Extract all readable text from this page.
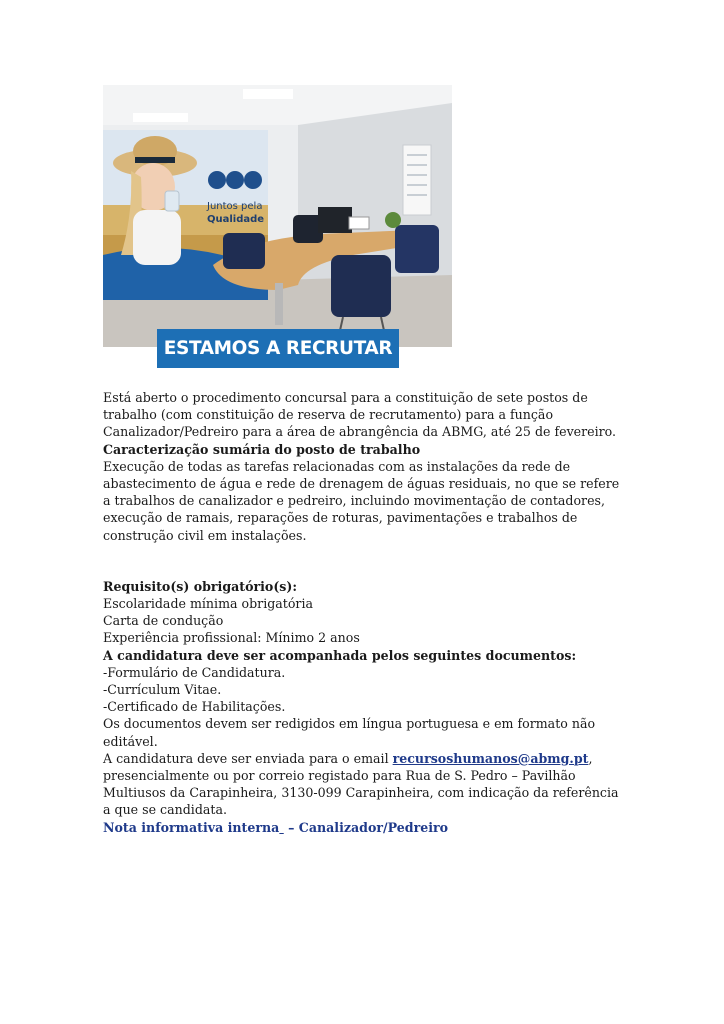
Juntos pela
Qualidade
ESTAMOS A RECRUTAR

Está aberto o procedimento concursal para a constituição de sete postos de trabalho (com constituição de reserva de recrutamento) para a função Canalizador/Pedreiro para a área de abrangência da ABMG, até 25 de fevereiro.

Caracterização sumária do posto de trabalho

Execução de todas as tarefas relacionadas com as instalações da rede de abastecimento de água e rede de drenagem de águas residuais, no que se refere a trabalhos de canalizador e pedreiro, incluindo movimentação de contadores, execução de ramais, reparações de roturas, pavimentações e trabalhos de construção civil em instalações.

Requisito(s) obrigatório(s):

Escolaridade mínima obrigatória

Carta de condução

Experiência profissional: Mínimo 2 anos

A candidatura deve ser acompanhada pelos seguintes documentos:

-Formulário de Candidatura.

-Currículum Vitae.

-Certificado de Habilitações.

Os documentos devem ser redigidos em língua portuguesa e em formato não editável.

A candidatura deve ser enviada para o email recursoshumanos@abmg.pt, presencialmente ou por correio registado para Rua de S. Pedro – Pavilhão Multiusos da Carapinheira, 3130-099 Carapinheira, com indicação da referência a que se candidata.

Nota informativa interna  – Canalizador/Pedreiro
